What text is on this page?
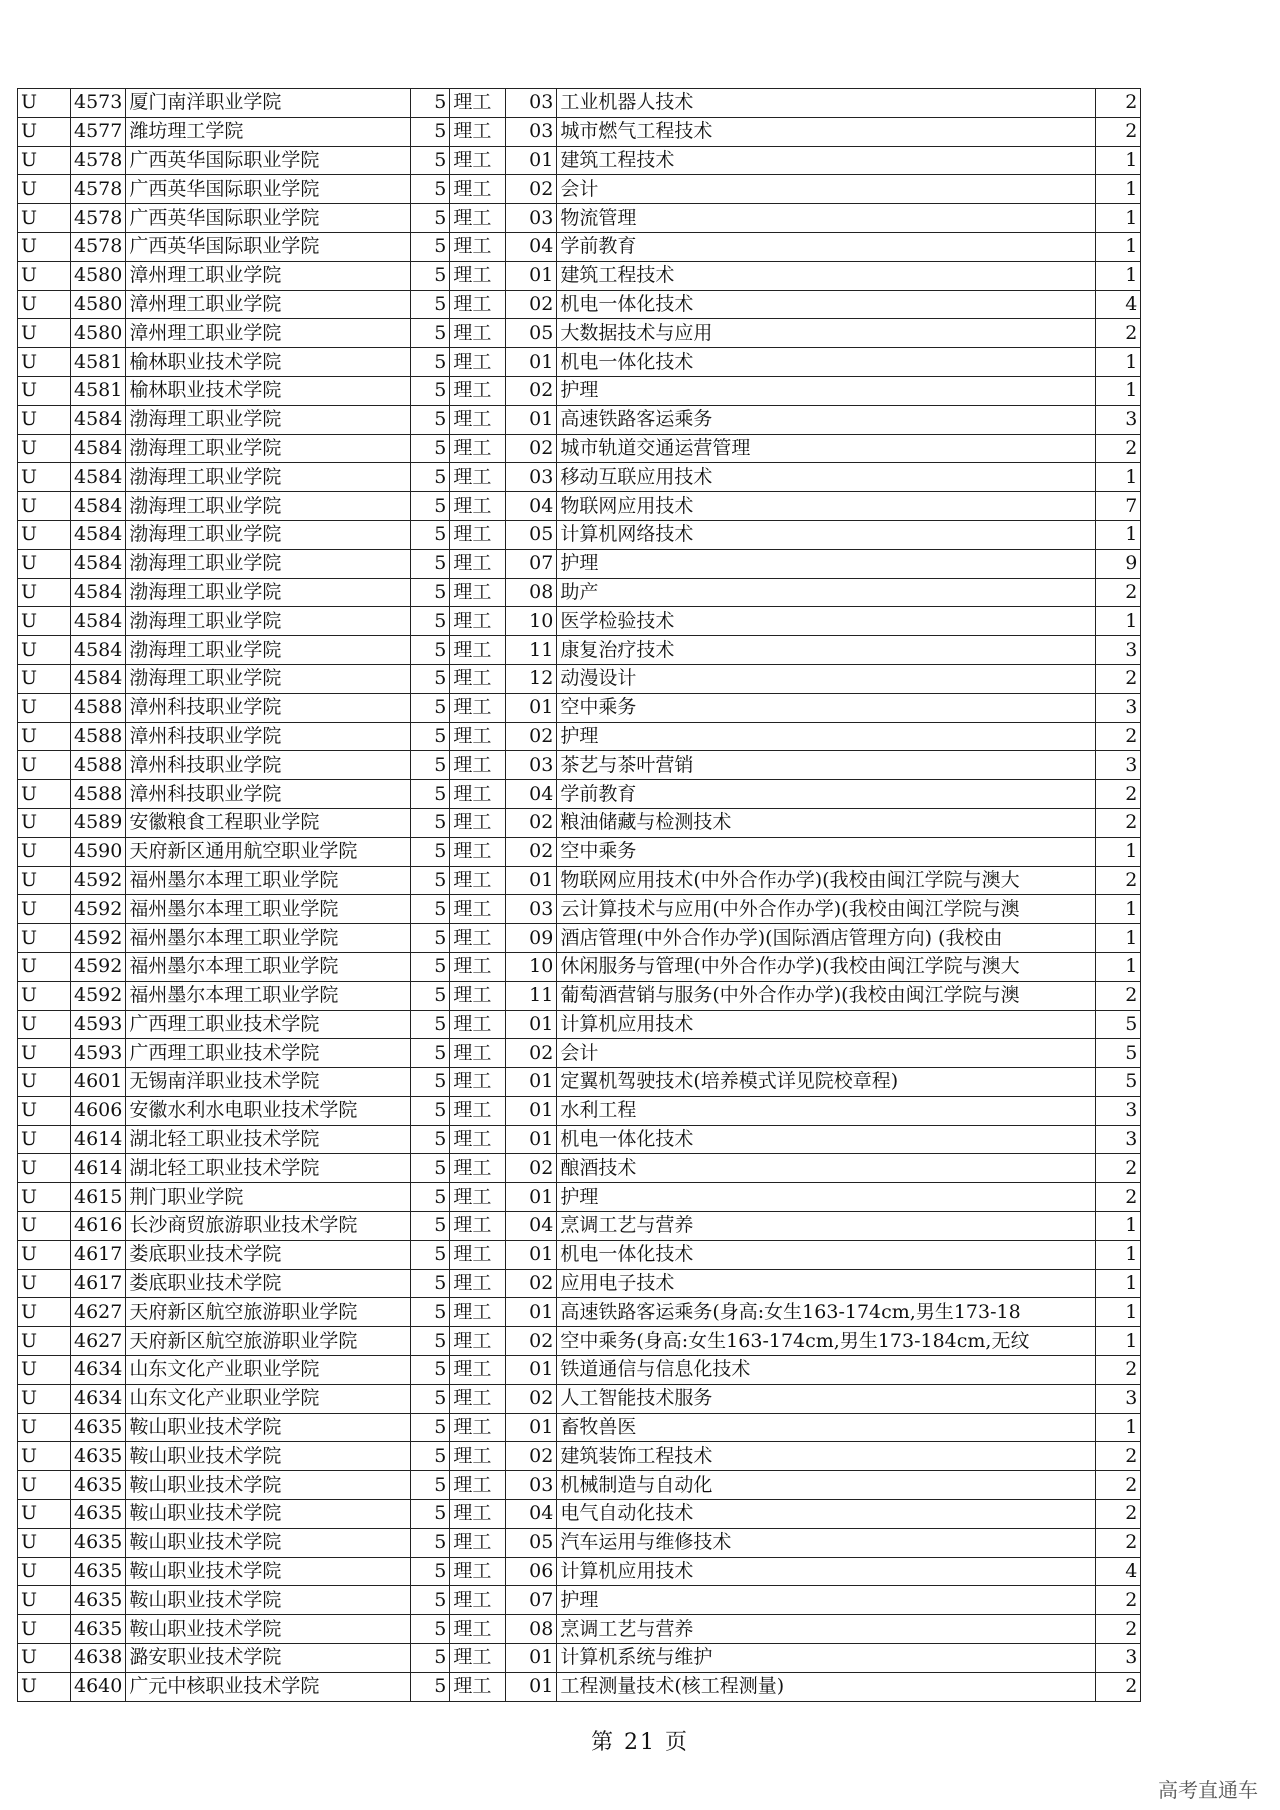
U	4573	厦门南洋职业学院	5	理工	03	工业机器人技术	2
U	4577	潍坊理工学院	5	理工	03	城市燃气工程技术	2
U	4578	广西英华国际职业学院	5	理工	01	建筑工程技术	1
U	4578	广西英华国际职业学院	5	理工	02	会计	1
U	4578	广西英华国际职业学院	5	理工	03	物流管理	1
U	4578	广西英华国际职业学院	5	理工	04	学前教育	1
U	4580	漳州理工职业学院	5	理工	01	建筑工程技术	1
U	4580	漳州理工职业学院	5	理工	02	机电一体化技术	4
U	4580	漳州理工职业学院	5	理工	05	大数据技术与应用	2
U	4581	榆林职业技术学院	5	理工	01	机电一体化技术	1
U	4581	榆林职业技术学院	5	理工	02	护理	1
U	4584	渤海理工职业学院	5	理工	01	高速铁路客运乘务	3
U	4584	渤海理工职业学院	5	理工	02	城市轨道交通运营管理	2
U	4584	渤海理工职业学院	5	理工	03	移动互联应用技术	1
U	4584	渤海理工职业学院	5	理工	04	物联网应用技术	7
U	4584	渤海理工职业学院	5	理工	05	计算机网络技术	1
U	4584	渤海理工职业学院	5	理工	07	护理	9
U	4584	渤海理工职业学院	5	理工	08	助产	2
U	4584	渤海理工职业学院	5	理工	10	医学检验技术	1
U	4584	渤海理工职业学院	5	理工	11	康复治疗技术	3
U	4584	渤海理工职业学院	5	理工	12	动漫设计	2
U	4588	漳州科技职业学院	5	理工	01	空中乘务	3
U	4588	漳州科技职业学院	5	理工	02	护理	2
U	4588	漳州科技职业学院	5	理工	03	茶艺与茶叶营销	3
U	4588	漳州科技职业学院	5	理工	04	学前教育	2
U	4589	安徽粮食工程职业学院	5	理工	02	粮油储藏与检测技术	2
U	4590	天府新区通用航空职业学院	5	理工	02	空中乘务	1
U	4592	福州墨尔本理工职业学院	5	理工	01	物联网应用技术(中外合作办学)(我校由闽江学院与澳大	2
U	4592	福州墨尔本理工职业学院	5	理工	03	云计算技术与应用(中外合作办学)(我校由闽江学院与澳	1
U	4592	福州墨尔本理工职业学院	5	理工	09	酒店管理(中外合作办学)(国际酒店管理方向) (我校由	1
U	4592	福州墨尔本理工职业学院	5	理工	10	休闲服务与管理(中外合作办学)(我校由闽江学院与澳大	1
U	4592	福州墨尔本理工职业学院	5	理工	11	葡萄酒营销与服务(中外合作办学)(我校由闽江学院与澳	2
U	4593	广西理工职业技术学院	5	理工	01	计算机应用技术	5
U	4593	广西理工职业技术学院	5	理工	02	会计	5
U	4601	无锡南洋职业技术学院	5	理工	01	定翼机驾驶技术(培养模式详见院校章程)	5
U	4606	安徽水利水电职业技术学院	5	理工	01	水利工程	3
U	4614	湖北轻工职业技术学院	5	理工	01	机电一体化技术	3
U	4614	湖北轻工职业技术学院	5	理工	02	酿酒技术	2
U	4615	荆门职业学院	5	理工	01	护理	2
U	4616	长沙商贸旅游职业技术学院	5	理工	04	烹调工艺与营养	1
U	4617	娄底职业技术学院	5	理工	01	机电一体化技术	1
U	4617	娄底职业技术学院	5	理工	02	应用电子技术	1
U	4627	天府新区航空旅游职业学院	5	理工	01	高速铁路客运乘务(身高:女生163-174cm,男生173-18	1
U	4627	天府新区航空旅游职业学院	5	理工	02	空中乘务(身高:女生163-174cm,男生173-184cm,无纹	1
U	4634	山东文化产业职业学院	5	理工	01	铁道通信与信息化技术	2
U	4634	山东文化产业职业学院	5	理工	02	人工智能技术服务	3
U	4635	鞍山职业技术学院	5	理工	01	畜牧兽医	1
U	4635	鞍山职业技术学院	5	理工	02	建筑装饰工程技术	2
U	4635	鞍山职业技术学院	5	理工	03	机械制造与自动化	2
U	4635	鞍山职业技术学院	5	理工	04	电气自动化技术	2
U	4635	鞍山职业技术学院	5	理工	05	汽车运用与维修技术	2
U	4635	鞍山职业技术学院	5	理工	06	计算机应用技术	4
U	4635	鞍山职业技术学院	5	理工	07	护理	2
U	4635	鞍山职业技术学院	5	理工	08	烹调工艺与营养	2
U	4638	潞安职业技术学院	5	理工	01	计算机系统与维护	3
U	4640	广元中核职业技术学院	5	理工	01	工程测量技术(核工程测量)	2
第 21 页
高考直通车
